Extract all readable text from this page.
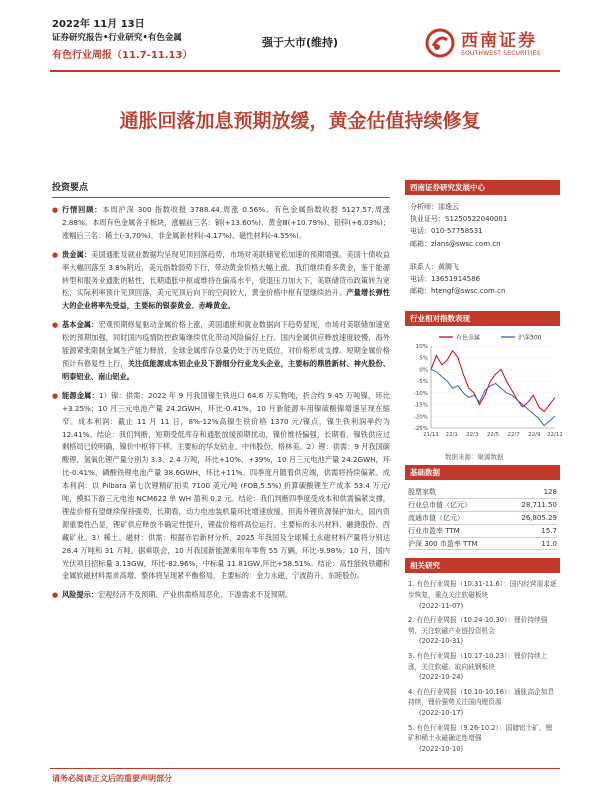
2022年 11月 13日
证券研究报告•行业研究•有色金属
有色行业周报（11.7-11.13）
强于大市(维持)	西南证券
SOUTHWEST SECURITIES
通胀回落加息预期放缓，黄金估值持续修复
投资要点
● 行情回顾：本周沪深 300 指数收报 3788.44,周涨 0.56%。有色金属指数收报 5127.57,周涨 2.88%。本周有色金属各子板块，涨幅前三名：铜(+13.60%)、黄金Ⅲ(+10.79%)、铅锌(+6.03%)；涨幅后三名：稀土(-3.70%)、非金属新材料(-4.17%)、磁性材料(-4.55%)。
● 贵金属：美国通胀及就业数据均呈现见顶回落趋势，市场对美联储宽松加速的预期增强。美国十债收益率大幅回落至 3.8%附近，美元指数弱势下行，带动黄金价格大幅上涨。我们继续看多黄金，鉴于能源转型和服务业通胀的粘性，长期通胀中枢或维持在偏高水平，衰退压力加大下，美联储货币政策转为宽松，实际利率预计见顶回落，美元见顶后向下的空间较大，黄金价格中枢有望继续抬升。产量增长弹性大的企业将率先受益，主要标的银泰黄金、赤峰黄金。
● 基本金属：宏观预期修复驱动金属价格上涨，美国通胀和就业数据向下趋势显现，市场对美联储加速宽松的预期加强，同时国内疫情防控政策继续优化带动风险偏好上行。国内金属供应释放速度较慢，海外能源紧张限制金属生产能力释放，全球金属库存总量仍处于历史低位，对价格形成支撑。短期金属价格预计有修复性上行，关注低能源成本铝企业及下游细分行业龙头企业，主要标的鼎胜新材、神火股份、明泰铝业、南山铝业。
● 能源金属：1）镍：供需：2022 年 9 月我国镍生铁进口 64.6 万实物吨，折合约 9.45 万吨镍，环比+3.25%；10 月三元电池产量 24.2GWH，环比-0.41%，10 月新能源车用镍硫酸镍增速呈现在缩窄。成本利润：截止 11 月 11 日，8%-12%高镍生铁价格 1370 元/镍点，镍生铁利润率约为 12.41%。结论：我们判断，短期受低库存和通胀放缓预期扰动，镍价维持偏强，长期看，镍铁供应过剩格局已较明确，镍价中枢将下移。主要标的华友钴业、中伟股份、格林美。2）锂：供需：9 月我国碳酸锂、氢氧化锂产量分别为 3.3、2.4 万吨，环比+10%、+39%，10 月三元电池产量 24.2GWH，环比-0.41%，磷酸铁锂电池产量 38.6GWH，环比+11%。四季度月随着供应端，供需将持续偏紧。成本利润：以 Pilbara 第七次锂精矿拍卖 7100 美元/吨 (FOB,5.5%) 折算碳酸锂生产成本 53.4 万元/吨，模拟下游三元电池 NCM622 单 WH 盈利 0.2 元。结论：我们判断四季度受成本和供需偏紧支撑，锂盐价格有望继续保持强势，长期看，动力电池装机量环比增速放缓，但海外锂资源保护加大，国内资源重要性凸显，锂矿供应释放不确定性提升，锂盐价格将高位运行。主要标的永兴材料、融捷股份、西藏矿业。3）稀土、磁材：供需：根据赤岩新材分析，2025 年我国及全球稀土永磁材料产量将分别达 28.4 万吨和 31 万吨。据乘联会，10 月我国新能源乘用车零售 55 万辆，环比-9.98%；10 月，国内光伏项目招标量 3.13GW，环比-82.96%，中标量 11.81GW,环比+58.51%。结论：高性能钕铁硼和金属软磁材料需求高增，整体将呈现紧平衡格局，主要标的：金力永磁、宁波韵升、东睦股份。
● 风险提示：宏观经济不及预期、产业供需格局恶化、下游需求不及预期。
西南证券研究发展中心
分析师：邵逸云
执业证号：S1250522040001
电话：010-57758531
邮箱：zlans@swsc.com.cn
联系人：黄腾飞
电话：13651914586
邮箱：htengf@swsc.com.cn
行业相对指数表现
有色金属	沪深300
10%
5%
0%
-5%
-10%
-15%
-20%
-25%
21/11 22/1 22/3 22/5 22/7 22/9 22/11
数据来源：聚源数据
基础数据
股票家数	128
行业总市值（亿元）	28,711.50
流通市值（亿元）	26,805.29
行业市盈率 TTM	15.7
沪深 300 市盈率 TTM	11.0
相关研究
1. 有色行业周报（10.31-11.6）：国内经营需求逐步恢复，重点关注软磁板块
(2022-11-07)
2. 有色行业周报（10.24-10.30）：锂价持续强势，关注软磁产业链投资机会
(2022-10-31)
3. 有色行业周报（10.17-10.23）：锂价持续上涨，关注软磁、取向硅钢板块
(2022-10-24)
4. 有色行业周报（10.10-10.16）：通胀高企加息持续，锂价强势关注国内锂资源
(2022-10-17)
5. 有色行业周报（9.26-10.2）：国储铝土矿、锂矿和稀土永磁确定性增强
(2022-10-10)
请务必阅读正文后的重要声明部分
